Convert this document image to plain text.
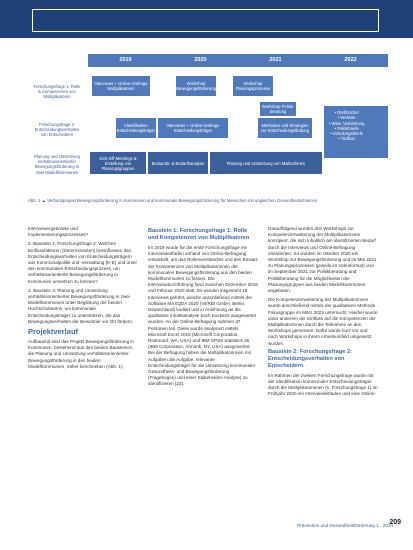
2019	2020	2021	2022
Forschungsfrage 1: Rolle & Kompetenzen von Multiplikatoren
Forschungsfrage 2: Entscheidungsverhalten von Entscheidern
Planung und Umsetzung verhältnisorientierter Bewegungsförderung in zwei Modellkommunen
Interviews + Online-Umfrage Multiplikatoren
Workshop Bewegungsförderung
Workshop Planungsprozesse
Workshop Politik-beratung
Identifikation Entscheidungsträger
Interviews + Online-Umfrage Entscheidungsträger
Methoden und Strategien zur Entscheidungsfindung
Kick-Off-Meetings & Erstellung von Planungsgruppen
Bestands- & Bedarfsanalyse	Planung und Umsetzung von Maßnahmen
• Drehbücher
• Website
• Wiss. Verbreitung
• Politikbriefe
• Schulungsbriefe
• Toolbox
Abb. 1 ▲ Verbundprojekt Bewegungsförderung in Kommunen und kommunale Bewegungsförderung für Menschen mit ungleichen Gesundheitschancen

Interviewergebnisse und Implementierungsprozesses?

2. Baustein 2, Forschungsfrage 2: Welches Einflussfaktoren (Determinanten) beeinflussen das Entscheidungsverhalten von Entscheidungsträgern aus Kommunalpolitik und -verwaltung (K-E) und unter den kommunalen Entscheidungsprozess, um verhältnisorientierte Bewegungsförderung in Kommunen umsetzen zu können?

3. Baustein 3: Planung und Umsetzung verhältnisorientierter Bewegungsförderung in zwei Modellkommunen unter Begleitung der beiden Hochschulteams, um kommunale Entscheidungsträger zu unterstützen, die das Bewegungsverhalten der Bewohner vor Ort fördern.

Projektverlauf

Aufbauend sind das Projekt Bewegungsförderung in Kommunen, bestehend aus den beiden Bausteinen, die Planung und Umsetzung verhältnisorientierter Bewegungsförderung in den beiden Modellkommunen, näher beschrieben (Abb. 1).

Baustein 1: Forschungsfrage 1: Rolle und Kompetenzen von Multiplikatoren

Im 2019 wurde für die erste Forschungsfrage ein Interviewleitfaden anhand von Online-Befragung entwickelt, um das Rollenverständnis und den Einsatz der Kompetenzen von Multiplikatorinnen der kommunalen Bewegungsförderung aus den beiden Modellkommunen zu fassen. Die Interviewdurchführung fand zwischen Dezember 2019 und Februar 2020 statt. Es wurden insgesamt 15 Interviews geführt, welche anschließend mittels der Software MAXQDA 2020 (VERBI GmbH, Berlin, Deutschland) kodiert und in Anlehnung an die qualitative Inhaltsanalyse nach Kuckartz ausgewertet wurden. An der Online-Befragung nahmen 37 Personen teil. Diese wurde analysiert mittels Microsoft Excel 2016 (Microsoft Corporation, Redmond, WA, USA) und IBM SPSS Statistics 26 (IBM Corporation, Armonk, NY, USA) ausgewertet. Bei der Befragung haben die Multiplikatorinnen mit Aufgaben die Aufgabe, relevante Entscheidungsträger für die Umsetzung kommunaler Gesundheits- und Bewegungsförderung (Fragebogen) und einer Stakeholder-Analyse) zu identifizieren [23].

Darauffolgend wurden drei Workshops zur Kompetenzerweiterung der Multiplikatorinnen konzipiert, die sich inhaltlich am identifizierten Bedarf durch die Interviews und Online-Befragung orientierten. So wurden im Oktober 2020 ein Workshop zur Bewegungsförderung und im Mai 2021 zu Planungsprozessen (jeweils im Videoformat) und im September 2021 zur Politikberatung und Politikberatung für die Möglichkeiten der Planungsgruppen aus beiden Modellkommunen angeboten.

Die Kompetenzerweiterung der Multiplikatorinnen wurde anschließend mittels der qualitativen Methode Fokusgruppe im März 2022 untersucht. Hierbei wurde unter anderem der Einfluss auf die Kompetenzen der Multiplikatorinnen durch die Teilnahme an den Workshops gemessen. Dafür wurde kurz vor und nach Workshops in ihrem Arbeitsumfeld umgesetzt wurden.

Baustein 2: Forschungsfrage 2: Entscheidungsverhalten von Entscheidern

Im Rahmen der zweiten Forschungsfrage wurde mit der Identifikation kommunaler Entscheidungsträger durch die Multiplikatorinnen (s. Forschungsfrage 1) im Frühjahr 2020 ein Interviewleitfaden und eine Online-

Prävention und Gesundheitsförderung 1 · 2024
209
